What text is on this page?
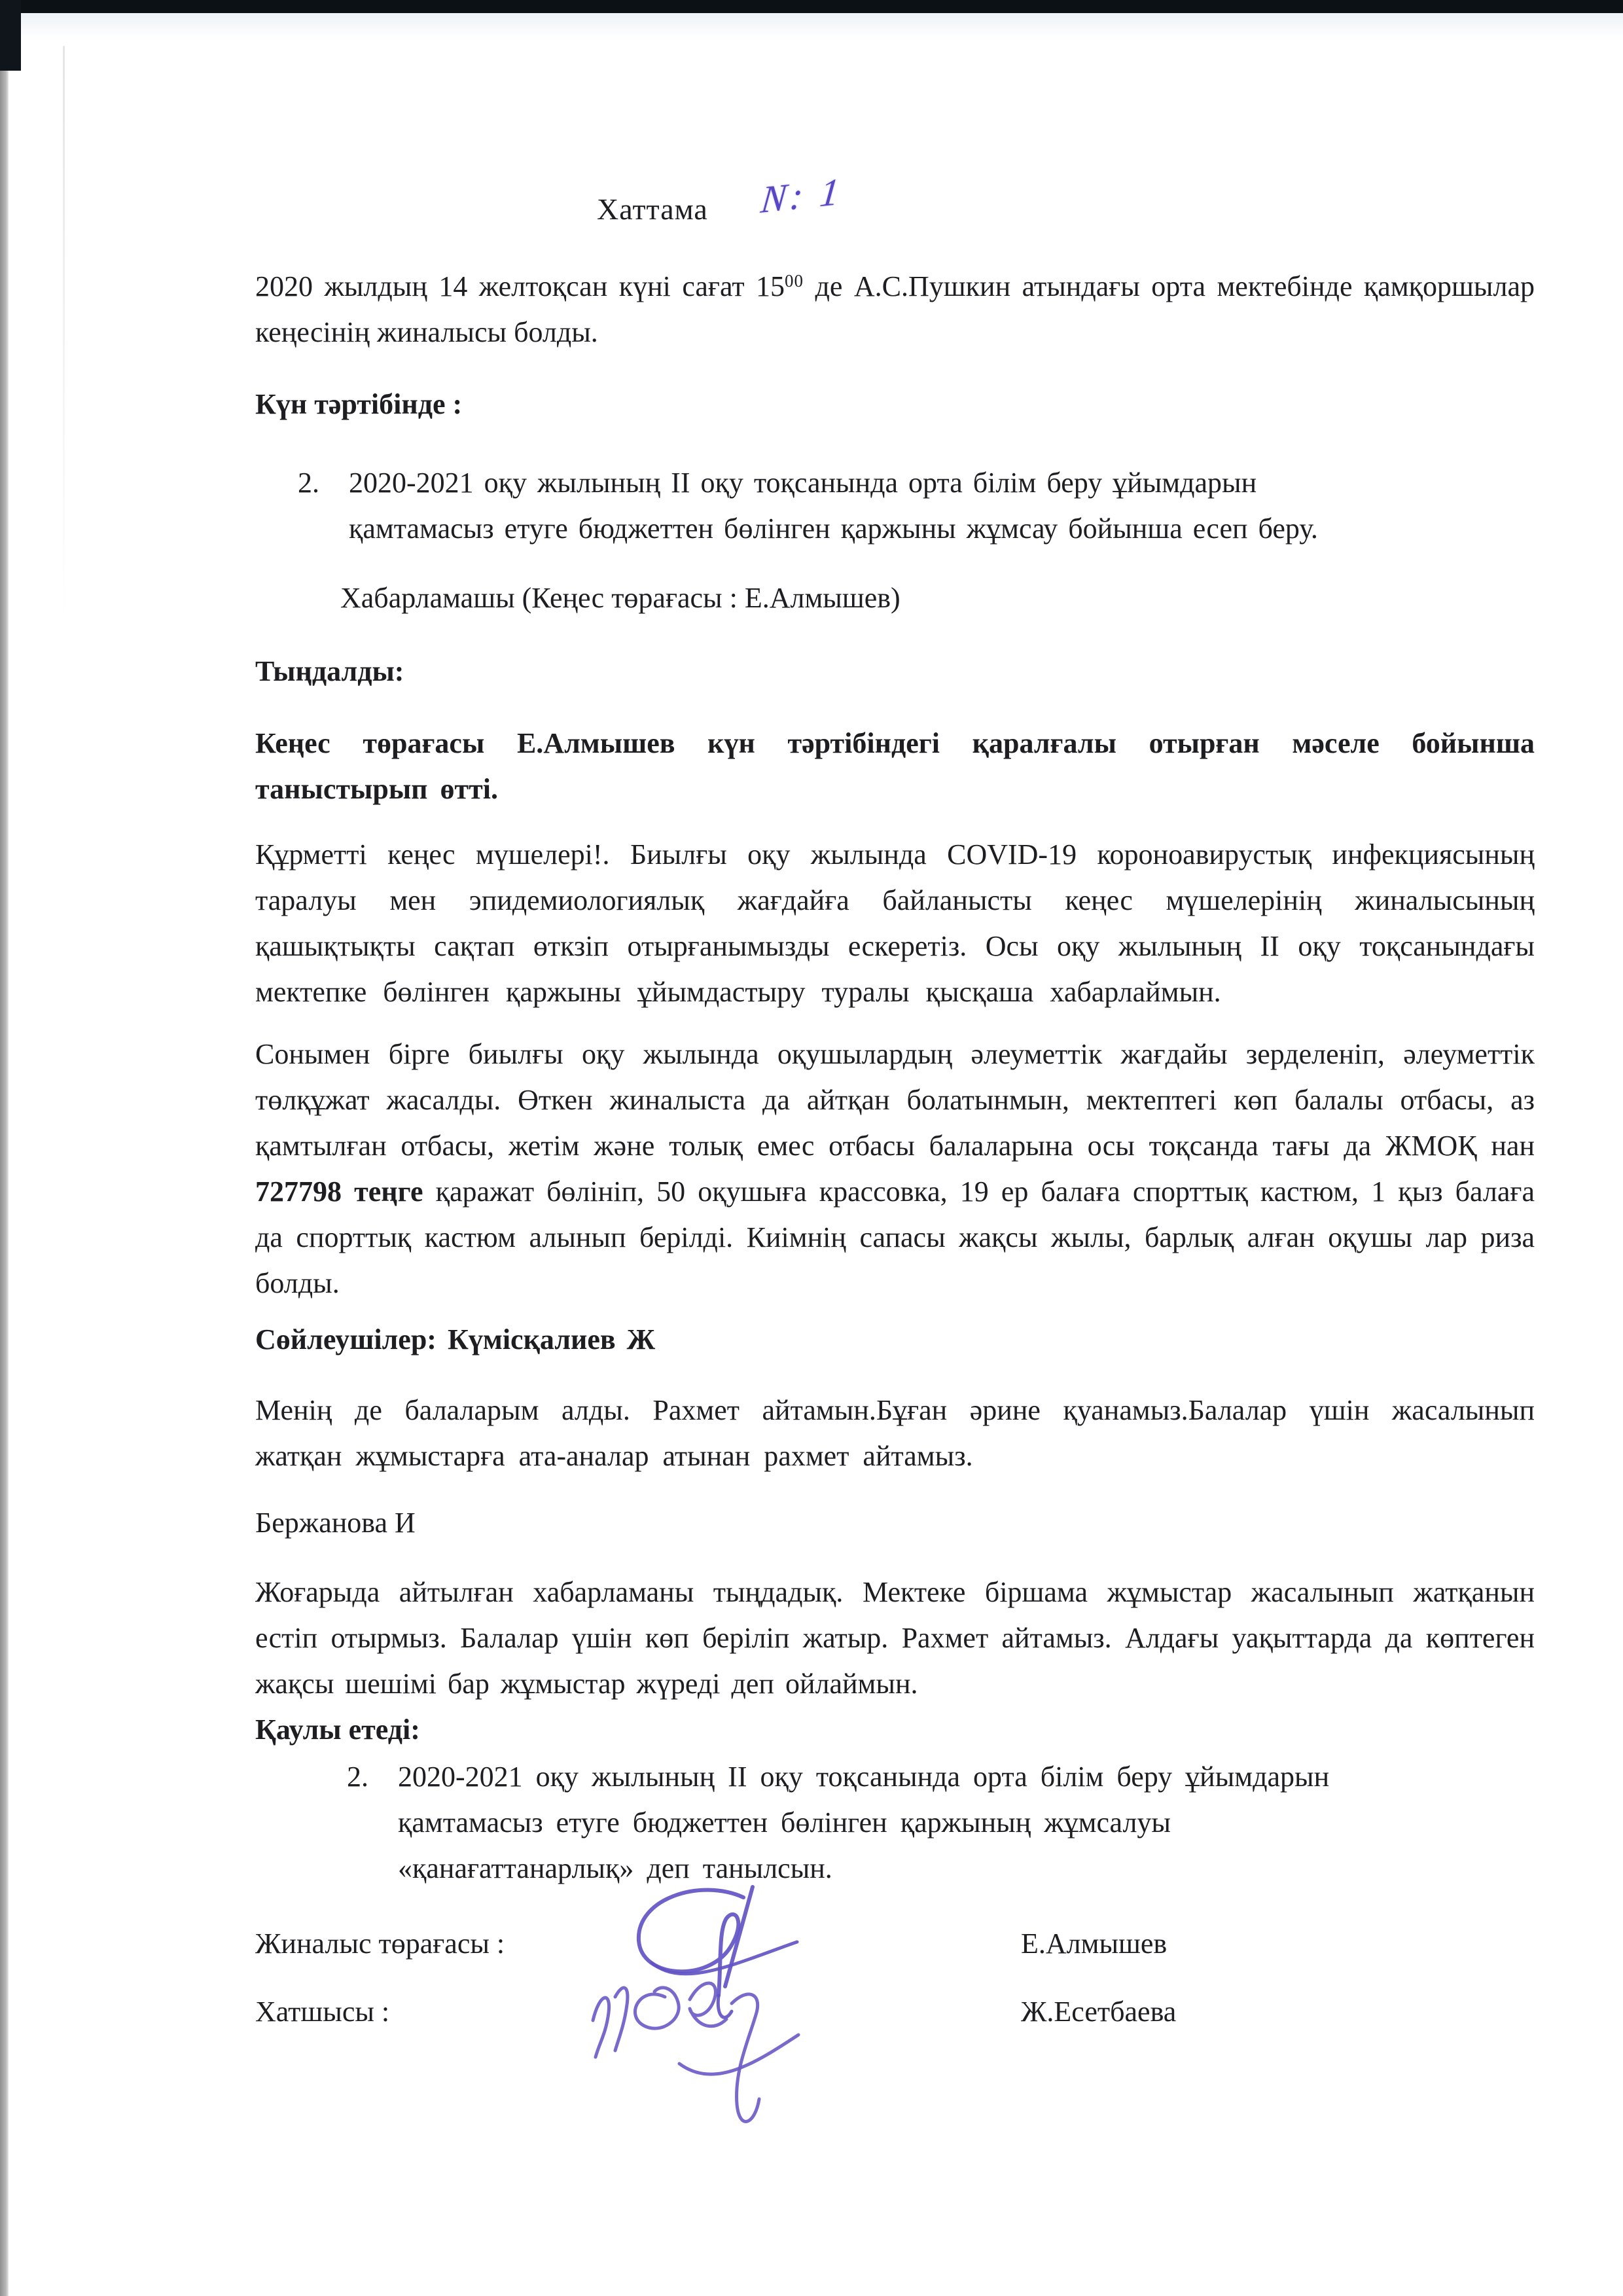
Хаттама N: 1

2020 жылдың 14 желтоқсан күні сағат $15^{00}$ де А.С.Пушкин атындағы орта мектебінде қамқоршылар кеңесінің жиналысы болды.

Күн тәртібінде :

2.	2020-2021 оқу жылының II оқу тоқсанында орта білім беру ұйымдарын қамтамасыз етуге бюджеттен бөлінген қаржыны жұмсау бойынша есеп беру.

Хабарламашы (Кеңес төрағасы : Е.Алмышев)

Тыңдалды:

Кеңес төрағасы Е.Алмышев күн тәртібіндегі қаралғалы отырған мәселе бойынша таныстырып өтті.

Құрметті кеңес мүшелері!. Биылғы оқу жылында COVID-19 короноавирустық инфекциясының таралуы мен эпидемиологиялық жағдайға байланысты кеңес мүшелерінің жиналысының қашықтықты сақтап өткзіп отырғанымызды ескеретіз. Осы оқу жылының II оқу тоқсанындағы мектепке бөлінген қаржыны ұйымдастыру туралы қысқаша хабарлаймын.

Сонымен бірге биылғы оқу жылында оқушылардың әлеуметтік жағдайы зерделеніп, әлеуметтік төлқұжат жасалды. Өткен жиналыста да айтқан болатынмын, мектептегі көп балалы отбасы, аз қамтылған отбасы, жетім және толық емес отбасы балаларына осы тоқсанда тағы да ЖМОҚ нан 727798 теңге қаражат бөлініп, 50 оқушыға крассовка, 19 ер балаға спорттық кастюм, 1 қыз балаға да спорттық кастюм алынып берілді. Киімнің сапасы жақсы жылы, барлық алған оқушы лар риза болды.

Сөйлеушілер: Күмісқалиев Ж

Менің де балаларым алды. Рахмет айтамын.Бұған әрине қуанамыз.Балалар үшін жасалынып жатқан жұмыстарға ата-аналар атынан рахмет айтамыз.

Бержанова И

Жоғарыда айтылған хабарламаны тыңдадық. Мектеке біршама жұмыстар жасалынып жатқанын естіп отырмыз. Балалар үшін көп беріліп жатыр. Рахмет айтамыз. Алдағы уақыттарда да көптеген жақсы шешімі бар жұмыстар жүреді деп ойлаймын.

Қаулы етеді:

2.	2020-2021 оқу жылының II оқу тоқсанында орта білім беру ұйымдарын қамтамасыз етуге бюджеттен бөлінген қаржының жұмсалуы «қанағаттанарлық» деп танылсын.
Жиналыс төрағасы :	Е.Алмышев
Хатшысы :	Ж.Есетбаева
